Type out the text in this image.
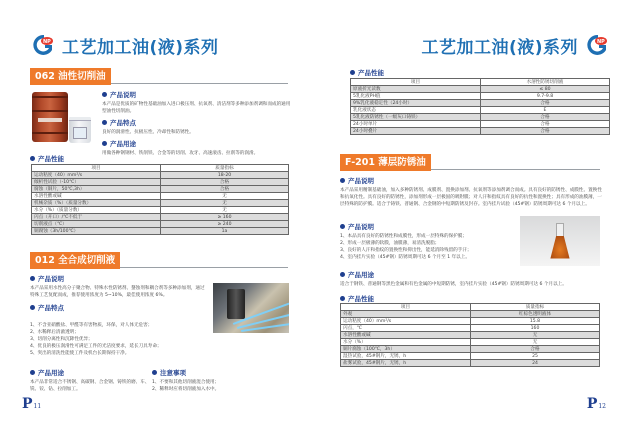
NP 工艺加工油(液)系列
062 油性切削油
产品说明
本产品是优质的矿物性基础油加入进口极压剂、抗氧剂、清洁剂等多种添加剂调和而成的通用型油性切削油。
产品特点
良好的润滑性、抗极压性、冷却性和防锈性。
产品用途
用做各种钢钢材、铁削铁、合金等的切削、攻牙、高速滚齿、拉削等的润滑。
产品性能
项目	质量指标
运动粘度（40）mm²/s	18-20
倾析性试验（-10℃）	合格
腐蚀（铜片，50℃,3h）	合格
水溶性酸或碱	无
机械杂质（%）（质量分数）	无
水分（%）（质量分数）	无
闪点（开口）/℃不低于	≥ 160
切削液点（℃）	≥ 240
铜腐蚀（3h/100℃）	1a
012 全合成切削液
产品说明
本产品采用水性高分子聚合物、特殊水性防锈剂、螯蚀剂和耦合剂等多种添加剂，通过特殊工艺复配而成，推荐使用浓度为 5~10%，最佳使用浓度 6%。
产品特点
1、不含亚硝酸盐、甲醛等有害物质，环保，对人体无危害；
2、水稀释后清澈透明；
3、切削分离性和沉降性优异；
4、优良的极压润滑性可满足工件的光洁度要求，延长刀具寿命；
5、突出的清洗性能使工件及机台长期保持干净。
产品用途
本产品非常适合不锈钢、高碳钢、合金钢、铸铁的磨、车、铣、铰、钻、拉削加工。
注意事项
1、不要和其他切削液混合使用；
2、稀释时应将切削液加入水中。
P 11
工艺加工油(液)系列	NP
产品性能
项目	水溶性防锈切削液
原液折光读数	≤ 80
5乳化液PH值	9.7-9.8
9%乳化液稳定性（24小时）	合格
乳化液状态	E
5乳化液防锈性（一级灰口铸铁）	合格
24小时单片	合格
24小时叠片	合格
F-201 薄层防锈油
产品说明
本产品采用精制基础油，加入多种防锈剂、成膜剂、置换添加剂、抗氧剂等添加剂调合而成。具有良好的防锈性、成膜性、置换性和抗氧化性。具有良好的防锈性，添加剂形成一层极固的吸附膜；对人汗和指纹具有良好的抗性和置换性；具有形成的油膜薄，一层特殊的防护膜。适合于铸铁、普通钢、合金钢的中短期防锈及封存。室内挂片试验（45#钢）防锈周期可达 6 个月以上。
产品说明
1、本品具有良好的防锈性和成膜性，形成一层特殊的保护膜；
2、形成一层极薄的软膜，油膜薄，易清洗脱脂；
3、良好的人汗和指纹的置换性和抑出性，能延消除残留的手汗；
4、室内挂片实验（45#钢）防锈周期可达 6 个月至 1 年以上。
产品用途
适合于钢铁、普通钢等黑色金属和有色金属的中短期防锈，室内挂片实验（45#钢）防锈周期可达 6 个月以上。
产品性能
项目	质量指标
外观	红棕色透明液体
运动粘度（40）mm²/s	15.8
闪点，℃	160
水溶性酸或碱	无
水分（%）	无
铜片腐蚀（100℃，3h）	合格
湿热试验，45#钢片，无锈，h	25
盐雾试验，45#钢片，无锈，h	24
P 12
